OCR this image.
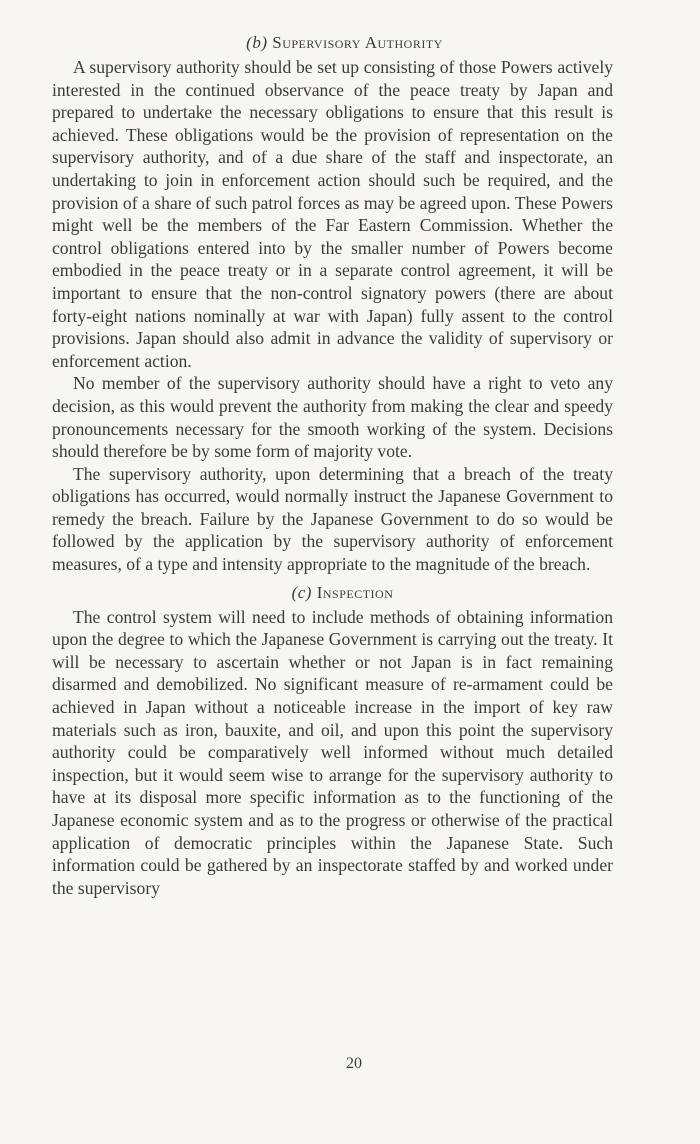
(b) Supervisory Authority

A supervisory authority should be set up consisting of those Powers actively interested in the continued observance of the peace treaty by Japan and prepared to undertake the necessary obligations to ensure that this result is achieved. These obligations would be the provision of representation on the supervisory authority, and of a due share of the staff and inspectorate, an undertaking to join in enforcement action should such be required, and the provision of a share of such patrol forces as may be agreed upon. These Powers might well be the members of the Far Eastern Commission. Whether the control obligations entered into by the smaller number of Powers become embodied in the peace treaty or in a separate control agreement, it will be important to ensure that the non-control signatory powers (there are about forty-eight nations nominally at war with Japan) fully assent to the control provisions. Japan should also admit in advance the validity of supervisory or enforcement action.

No member of the supervisory authority should have a right to veto any decision, as this would prevent the authority from making the clear and speedy pronouncements necessary for the smooth working of the system. Decisions should therefore be by some form of majority vote.

The supervisory authority, upon determining that a breach of the treaty obligations has occurred, would normally instruct the Japanese Government to remedy the breach. Failure by the Japanese Government to do so would be followed by the application by the supervisory authority of enforcement measures, of a type and intensity appropriate to the magnitude of the breach.

(c) Inspection

The control system will need to include methods of obtaining information upon the degree to which the Japanese Government is carrying out the treaty. It will be necessary to ascertain whether or not Japan is in fact remaining disarmed and demobilized. No significant measure of re-armament could be achieved in Japan without a noticeable increase in the import of key raw materials such as iron, bauxite, and oil, and upon this point the supervisory authority could be comparatively well informed without much detailed inspection, but it would seem wise to arrange for the supervisory authority to have at its disposal more specific information as to the functioning of the Japanese economic system and as to the progress or otherwise of the practical application of democratic principles within the Japanese State. Such information could be gathered by an inspectorate staffed by and worked under the supervisory

20
